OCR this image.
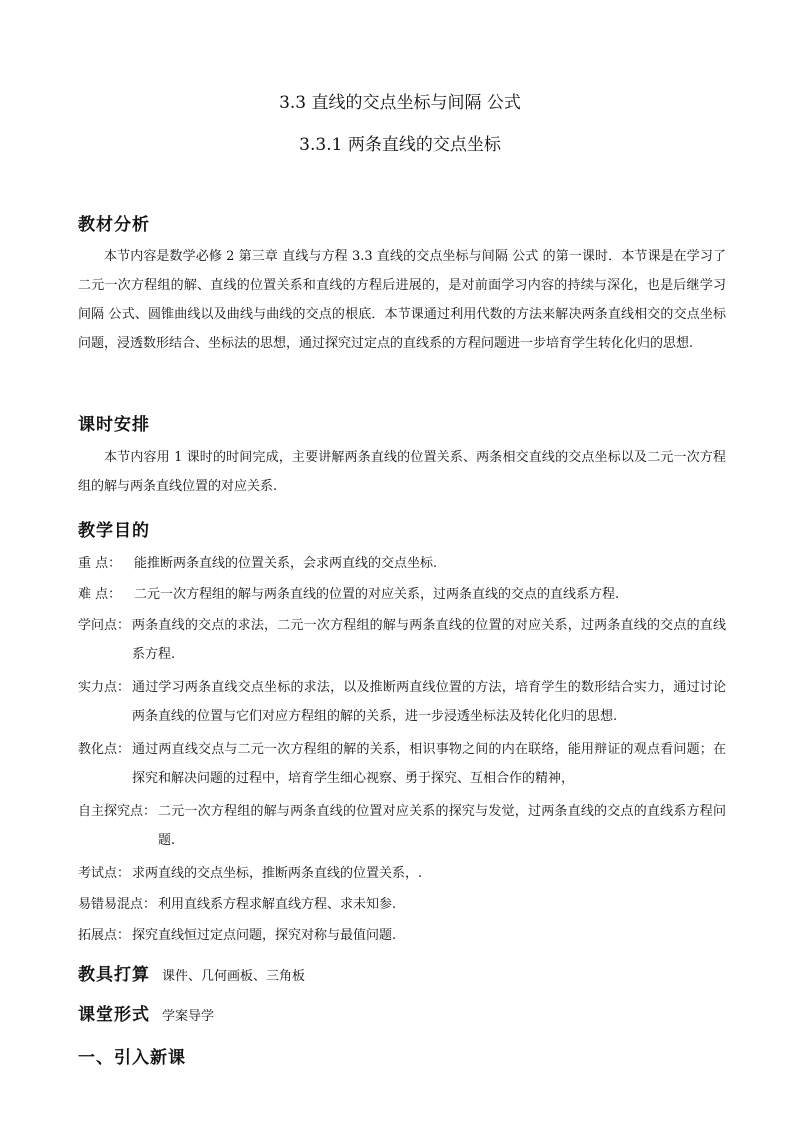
3.3 直线的交点坐标与间隔 公式
3.3.1 两条直线的交点坐标
教材分析
本节内容是数学必修 2 第三章 直线与方程 3.3 直线的交点坐标与间隔 公式 的第一课时．本节课是在学习了二元一次方程组的解、直线的位置关系和直线的方程后进展的，是对前面学习内容的持续与深化，也是后继学习间隔 公式、圆锥曲线以及曲线与曲线的交点的根底．本节课通过利用代数的方法来解决两条直线相交的交点坐标问题，浸透数形结合、坐标法的思想，通过探究过定点的直线系的方程问题进一步培育学生转化化归的思想.
课时安排
本节内容用 1 课时的时间完成，主要讲解两条直线的位置关系、两条相交直线的交点坐标以及二元一次方程组的解与两条直线位置的对应关系.
教学目的
重 点： 能推断两条直线的位置关系，会求两直线的交点坐标.
难 点： 二元一次方程组的解与两条直线的位置的对应关系，过两条直线的交点的直线系方程.
学问点： 两条直线的交点的求法，二元一次方程组的解与两条直线的位置的对应关系，过两条直线的交点的直线系方程.
实力点： 通过学习两条直线交点坐标的求法，以及推断两直线位置的方法，培育学生的数形结合实力，通过讨论两条直线的位置与它们对应方程组的解的关系，进一步浸透坐标法及转化化归的思想.
教化点： 通过两直线交点与二元一次方程组的解的关系，相识事物之间的内在联络，能用辩证的观点看问题；在探究和解决问题的过程中，培育学生细心视察、勇于探究、互相合作的精神，
自主探究点： 二元一次方程组的解与两条直线的位置对应关系的探究与发觉，过两条直线的交点的直线系方程问题.
考试点： 求两直线的交点坐标，推断两条直线的位置关系，.
易错易混点： 利用直线系方程求解直线方程、求未知参.
拓展点： 探究直线恒过定点问题，探究对称与最值问题.
教具打算 课件、几何画板、三角板
课堂形式 学案导学
一、引入新课
